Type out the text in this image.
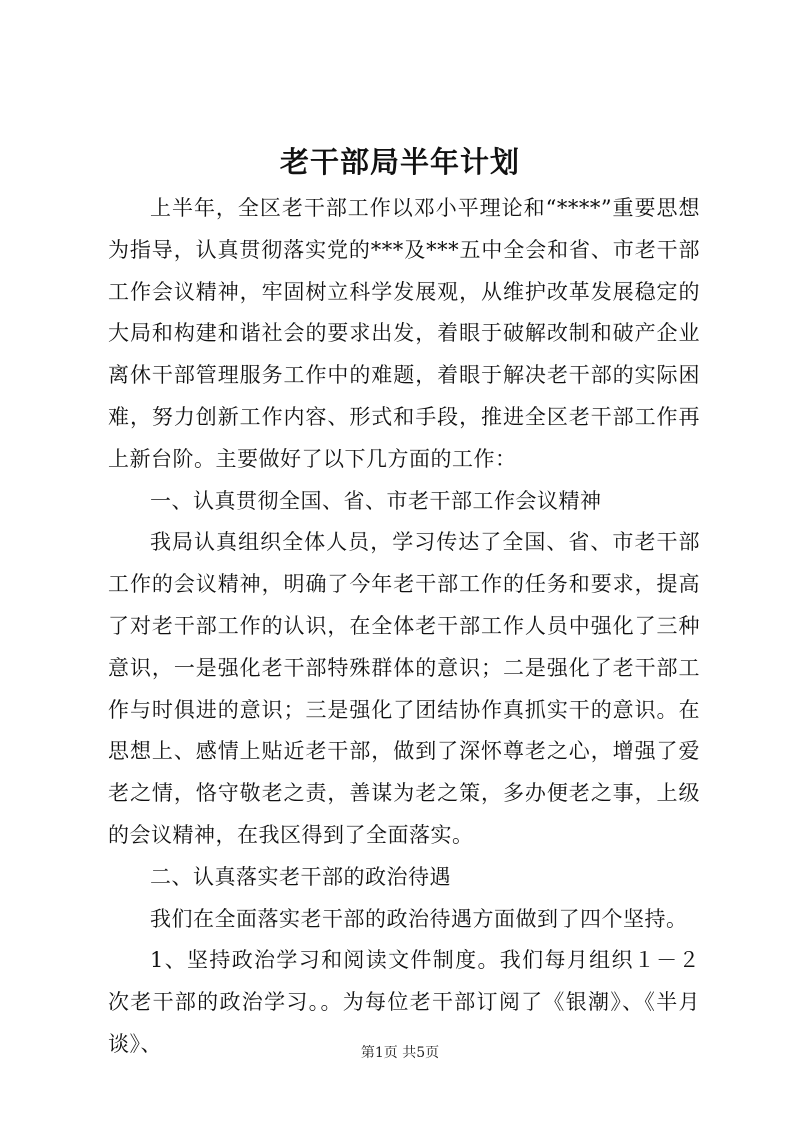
老干部局半年计划

上半年，全区老干部工作以邓小平理论和“****”重要思想为指导，认真贯彻落实党的***及***五中全会和省、市老干部工作会议精神，牢固树立科学发展观，从维护改革发展稳定的大局和构建和谐社会的要求出发，着眼于破解改制和破产企业离休干部管理服务工作中的难题，着眼于解决老干部的实际困难，努力创新工作内容、形式和手段，推进全区老干部工作再上新台阶。主要做好了以下几方面的工作：

一、认真贯彻全国、省、市老干部工作会议精神

我局认真组织全体人员，学习传达了全国、省、市老干部工作的会议精神，明确了今年老干部工作的任务和要求，提高了对老干部工作的认识，在全体老干部工作人员中强化了三种意识，一是强化老干部特殊群体的意识；二是强化了老干部工作与时俱进的意识；三是强化了团结协作真抓实干的意识。在思想上、感情上贴近老干部，做到了深怀尊老之心，增强了爱老之情，恪守敬老之责，善谋为老之策，多办便老之事，上级的会议精神，在我区得到了全面落实。

二、认真落实老干部的政治待遇

我们在全面落实老干部的政治待遇方面做到了四个坚持。

1、坚持政治学习和阅读文件制度。我们每月组织１－２次老干部的政治学习。。为每位老干部订阅了《银潮》、《半月谈》、	第1页 共5页
